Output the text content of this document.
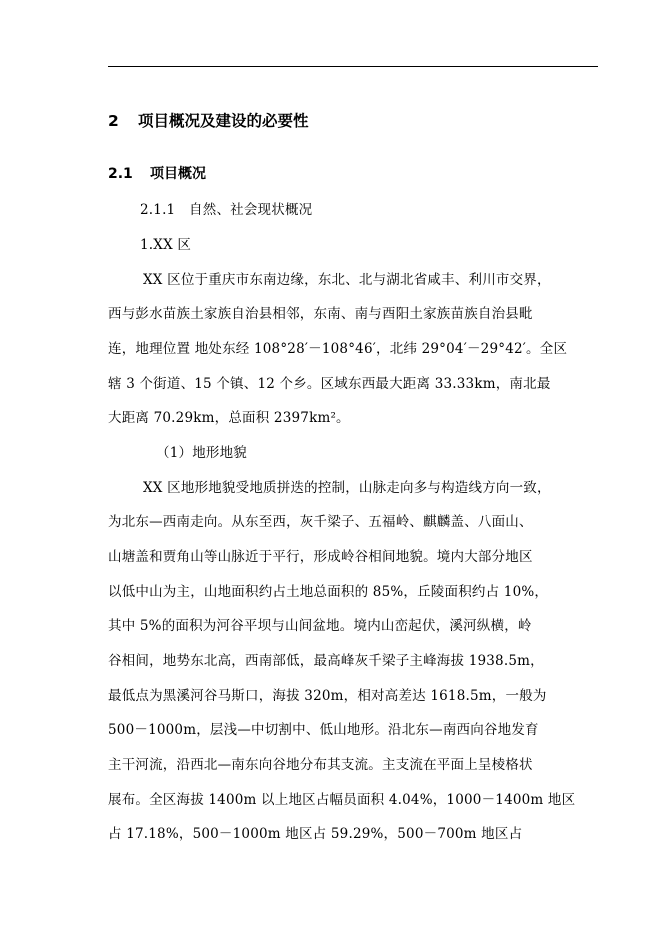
2 项目概况及建设的必要性
2.1 项目概况
2.1.1　自然、社会现状概况
1.XX 区
XX 区位于重庆市东南边缘，东北、北与湖北省咸丰、利川市交界，
西与彭水苗族土家族自治县相邻，东南、南与酉阳土家族苗族自治县毗
连，地理位置 地处东经 108°28′－108°46′，北纬 29°04′－29°42′。全区
辖 3 个街道、15 个镇、12 个乡。区域东西最大距离 33.33km，南北最
大距离 70.29km，总面积 2397km²。
（1）地形地貌
XX 区地形地貌受地质拼迭的控制，山脉走向多与构造线方向一致，
为北东—西南走向。从东至西，灰千梁子、五福岭、麒麟盖、八面山、
山塘盖和贾角山等山脉近于平行，形成岭谷相间地貌。境内大部分地区
以低中山为主，山地面积约占土地总面积的 85%，丘陵面积约占 10%，
其中 5%的面积为河谷平坝与山间盆地。境内山峦起伏，溪河纵横，岭
谷相间，地势东北高，西南部低，最高峰灰千梁子主峰海拔 1938.5m，
最低点为黑溪河谷马斯口，海拔 320m，相对高差达 1618.5m，一般为
500－1000m，层浅—中切割中、低山地形。沿北东—南西向谷地发育
主干河流，沿西北—南东向谷地分布其支流。主支流在平面上呈棱格状
展布。全区海拔 1400m 以上地区占幅员面积 4.04%，1000－1400m 地区
占 17.18%，500－1000m 地区占 59.29%，500－700m 地区占
